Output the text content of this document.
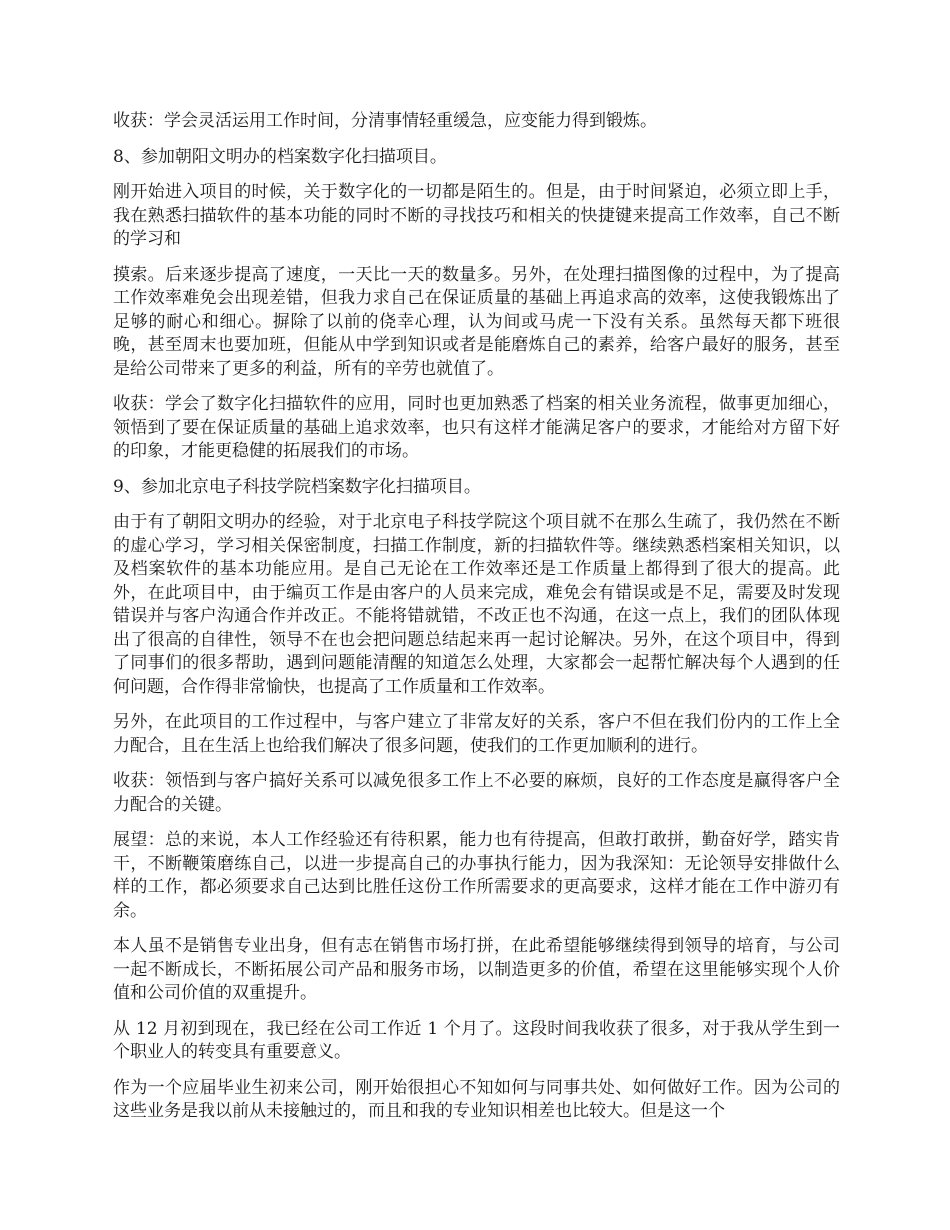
收获：学会灵活运用工作时间，分清事情轻重缓急，应变能力得到锻炼。

8、参加朝阳文明办的档案数字化扫描项目。

刚开始进入项目的时候，关于数字化的一切都是陌生的。但是，由于时间紧迫，必须立即上手，我在熟悉扫描软件的基本功能的同时不断的寻找技巧和相关的快捷键来提高工作效率，自己不断的学习和

摸索。后来逐步提高了速度，一天比一天的数量多。另外，在处理扫描图像的过程中，为了提高工作效率难免会出现差错，但我力求自己在保证质量的基础上再追求高的效率，这使我锻炼出了足够的耐心和细心。摒除了以前的侥幸心理，认为间或马虎一下没有关系。虽然每天都下班很晚，甚至周末也要加班，但能从中学到知识或者是能磨炼自己的素养，给客户最好的服务，甚至是给公司带来了更多的利益，所有的辛劳也就值了。

收获：学会了数字化扫描软件的应用，同时也更加熟悉了档案的相关业务流程，做事更加细心，领悟到了要在保证质量的基础上追求效率，也只有这样才能满足客户的要求，才能给对方留下好的印象，才能更稳健的拓展我们的市场。

9、参加北京电子科技学院档案数字化扫描项目。

由于有了朝阳文明办的经验，对于北京电子科技学院这个项目就不在那么生疏了，我仍然在不断的虚心学习，学习相关保密制度，扫描工作制度，新的扫描软件等。继续熟悉档案相关知识，以及档案软件的基本功能应用。是自己无论在工作效率还是工作质量上都得到了很大的提高。此外，在此项目中，由于编页工作是由客户的人员来完成，难免会有错误或是不足，需要及时发现错误并与客户沟通合作并改正。不能将错就错，不改正也不沟通，在这一点上，我们的团队体现出了很高的自律性，领导不在也会把问题总结起来再一起讨论解决。另外，在这个项目中，得到了同事们的很多帮助，遇到问题能清醒的知道怎么处理，大家都会一起帮忙解决每个人遇到的任何问题，合作得非常愉快，也提高了工作质量和工作效率。

另外，在此项目的工作过程中，与客户建立了非常友好的关系，客户不但在我们份内的工作上全力配合，且在生活上也给我们解决了很多问题，使我们的工作更加顺利的进行。

收获：领悟到与客户搞好关系可以减免很多工作上不必要的麻烦，良好的工作态度是赢得客户全力配合的关键。

展望：总的来说，本人工作经验还有待积累，能力也有待提高，但敢打敢拼，勤奋好学，踏实肯干，不断鞭策磨练自己，以进一步提高自己的办事执行能力，因为我深知：无论领导安排做什么样的工作，都必须要求自己达到比胜任这份工作所需要求的更高要求，这样才能在工作中游刃有余。

本人虽不是销售专业出身，但有志在销售市场打拼，在此希望能够继续得到领导的培育，与公司一起不断成长，不断拓展公司产品和服务市场，以制造更多的价值，希望在这里能够实现个人价值和公司价值的双重提升。

从 12 月初到现在，我已经在公司工作近 1 个月了。这段时间我收获了很多，对于我从学生到一个职业人的转变具有重要意义。

作为一个应届毕业生初来公司，刚开始很担心不知如何与同事共处、如何做好工作。因为公司的这些业务是我以前从未接触过的，而且和我的专业知识相差也比较大。但是这一个
